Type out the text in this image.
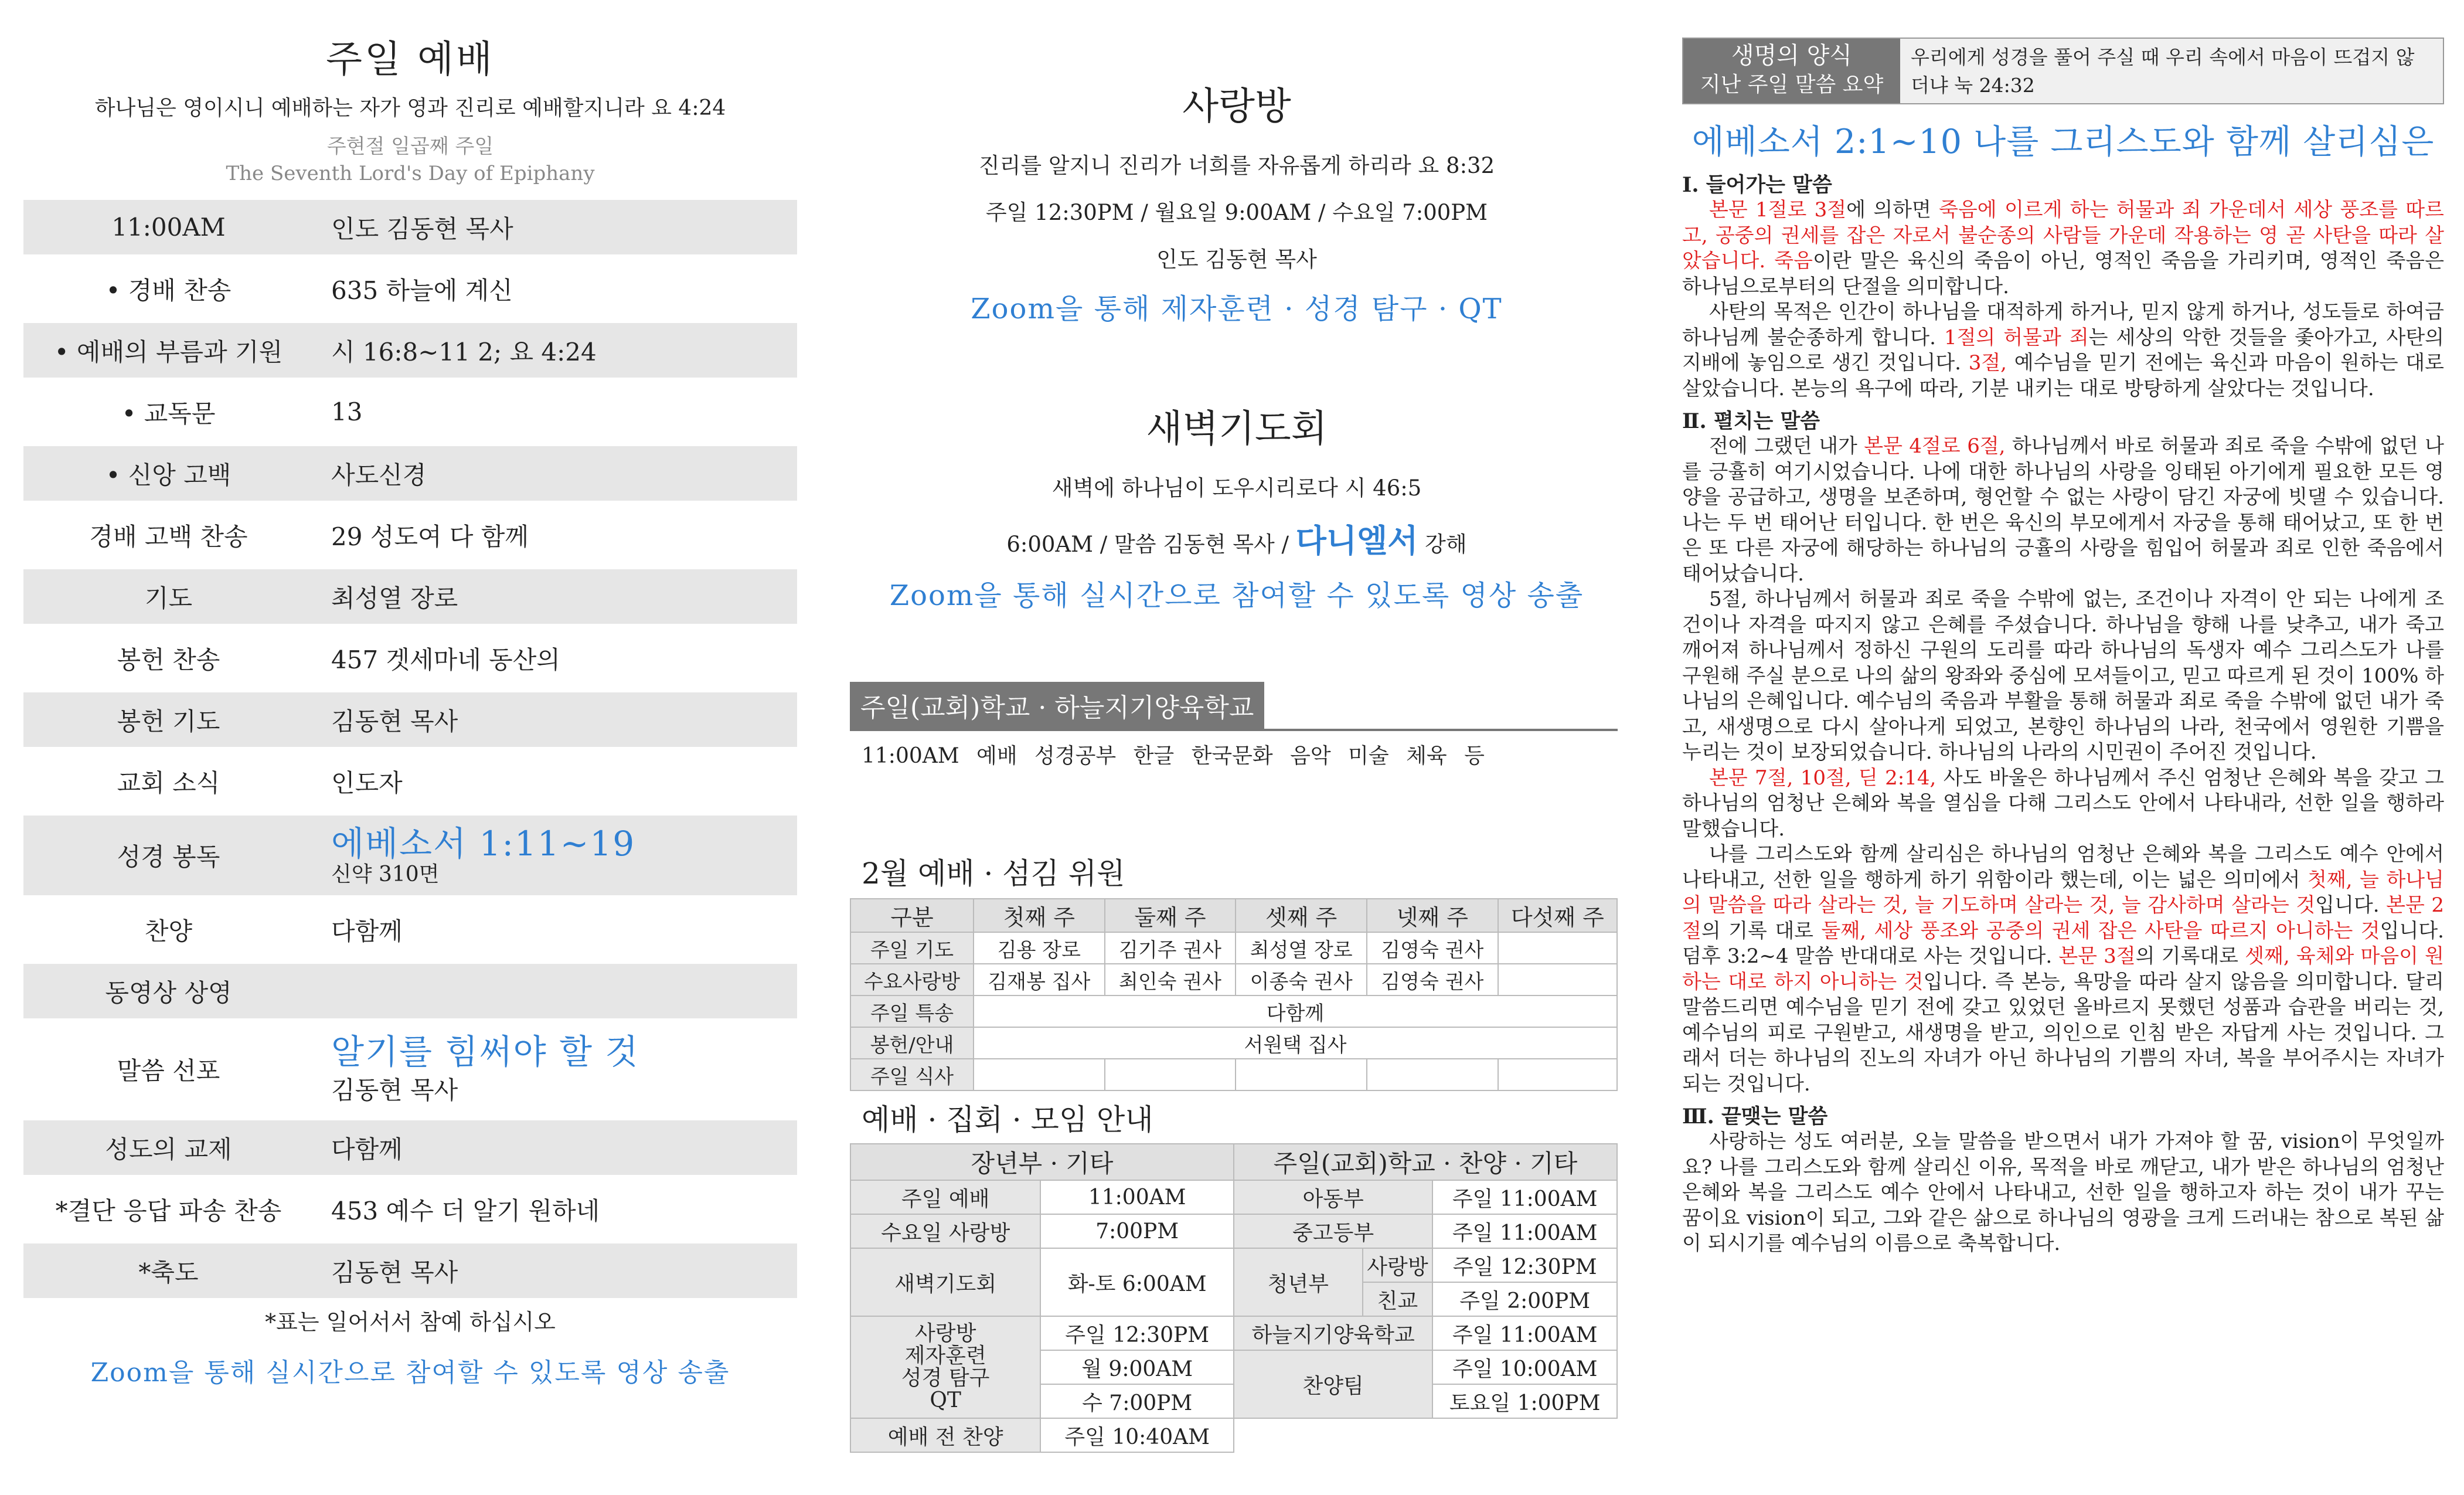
주일 예배
하나님은 영이시니 예배하는 자가 영과 진리로 예배할지니라 요 4:24
주현절 일곱째 주일
The Seventh Lord's Day of Epiphany
11:00AM	인도 김동현 목사
• 경배 찬송	635 하늘에 계신
• 예배의 부름과 기원	시 16:8~11 2; 요 4:24
• 교독문	13
• 신앙 고백	사도신경
경배 고백 찬송	29 성도여 다 함께
기도	최성열 장로
봉헌 찬송	457 겟세마네 동산의
봉헌 기도	김동현 목사
교회 소식	인도자
성경 봉독	에베소서 1:11~19
신약 310면
찬양	다함께
동영상 상영
말씀 선포	알기를 힘써야 할 것
김동현 목사
성도의 교제	다함께
*결단 응답 파송 찬송	453 예수 더 알기 원하네
*축도	김동현 목사
*표는 일어서서 참예 하십시오
Zoom을 통해 실시간으로 참여할 수 있도록 영상 송출
사랑방
진리를 알지니 진리가 너희를 자유롭게 하리라 요 8:32
주일 12:30PM / 월요일 9:00AM / 수요일 7:00PM
인도 김동현 목사
Zoom을 통해 제자훈련 · 성경 탐구 · QT
새벽기도회
새벽에 하나님이 도우시리로다 시 46:5
6:00AM / 말씀 김동현 목사 / 다니엘서 강해
Zoom을 통해 실시간으로 참여할 수 있도록 영상 송출
주일(교회)학교 · 하늘지기양육학교
11:00AM 예배 성경공부 한글 한국문화 음악 미술 체육 등
2월 예배 · 섬김 위원
구분	첫째 주	둘째 주	셋째 주	넷째 주	다섯째 주
주일 기도	김용 장로	김기주 권사	최성열 장로	김영숙 권사	
수요사랑방	김재봉 집사	최인숙 권사	이종숙 권사	김영숙 권사	
주일 특송	다함께				
봉헌/안내	서원택 집사				
주일 식사					
예배 · 집회 · 모임 안내
장년부 · 기타		주일(교회)학교 · 찬양 · 기타		
주일 예배	11:00AM	아동부		주일 11:00AM
수요일 사랑방	7:00PM	중고등부		주일 11:00AM
새벽기도회	화-토 6:00AM	청년부	사랑방	주일 12:30PM
			친교	주일 2:00PM

사랑방
제자훈련
성경 탐구
QT	주일 12:30PM	하늘지기양육학교		주일 11:00AM
	월 9:00AM	찬양팀		주일 10:00AM
	수 7:00PM			토요일 1:00PM
예배 전 찬양	주일 10:40AM			
생명의 양식
지난 주일 말씀 요약
우리에게 성경을 풀어 주실 때 우리 속에서 마음이 뜨겁지 않더냐 눅 24:32
에베소서 2:1~10 나를 그리스도와 함께 살리심은
Ⅰ. 들어가는 말씀

본문 1절로 3절에 의하면 죽음에 이르게 하는 허물과 죄 가운데서 세상 풍조를 따르고, 공중의 권세를 잡은 자로서 불순종의 사람들 가운데 작용하는 영 곧 사탄을 따라 살았습니다. 죽음이란 말은 육신의 죽음이 아닌, 영적인 죽음을 가리키며, 영적인 죽음은 하나님으로부터의 단절을 의미합니다.

사탄의 목적은 인간이 하나님을 대적하게 하거나, 믿지 않게 하거나, 성도들로 하여금 하나님께 불순종하게 합니다. 1절의 허물과 죄는 세상의 악한 것들을 좇아가고, 사탄의 지배에 놓임으로 생긴 것입니다. 3절, 예수님을 믿기 전에는 육신과 마음이 원하는 대로 살았습니다. 본능의 욕구에 따라, 기분 내키는 대로 방탕하게 살았다는 것입니다.

Ⅱ. 펼치는 말씀

전에 그랬던 내가 본문 4절로 6절, 하나님께서 바로 허물과 죄로 죽을 수밖에 없던 나를 긍휼히 여기시었습니다. 나에 대한 하나님의 사랑을 잉태된 아기에게 필요한 모든 영양을 공급하고, 생명을 보존하며, 형언할 수 없는 사랑이 담긴 자궁에 빗댈 수 있습니다. 나는 두 번 태어난 터입니다. 한 번은 육신의 부모에게서 자궁을 통해 태어났고, 또 한 번은 또 다른 자궁에 해당하는 하나님의 긍휼의 사랑을 힘입어 허물과 죄로 인한 죽음에서 태어났습니다.

5절, 하나님께서 허물과 죄로 죽을 수밖에 없는, 조건이나 자격이 안 되는 나에게 조건이나 자격을 따지지 않고 은혜를 주셨습니다. 하나님을 향해 나를 낮추고, 내가 죽고 깨어져 하나님께서 정하신 구원의 도리를 따라 하나님의 독생자 예수 그리스도가 나를 구원해 주실 분으로 나의 삶의 왕좌와 중심에 모셔들이고, 믿고 따르게 된 것이 100% 하나님의 은혜입니다. 예수님의 죽음과 부활을 통해 허물과 죄로 죽을 수밖에 없던 내가 죽고, 새생명으로 다시 살아나게 되었고, 본향인 하나님의 나라, 천국에서 영원한 기쁨을 누리는 것이 보장되었습니다. 하나님의 나라의 시민권이 주어진 것입니다.

본문 7절, 10절, 딛 2:14, 사도 바울은 하나님께서 주신 엄청난 은혜와 복을 갖고 그 하나님의 엄청난 은혜와 복을 열심을 다해 그리스도 안에서 나타내라, 선한 일을 행하라 말했습니다.

나를 그리스도와 함께 살리심은 하나님의 엄청난 은혜와 복을 그리스도 예수 안에서 나타내고, 선한 일을 행하게 하기 위함이라 했는데, 이는 넓은 의미에서 첫째, 늘 하나님의 말씀을 따라 살라는 것, 늘 기도하며 살라는 것, 늘 감사하며 살라는 것입니다. 본문 2절의 기록 대로 둘째, 세상 풍조와 공중의 권세 잡은 사탄을 따르지 아니하는 것입니다. 덤후 3:2~4 말씀 반대대로 사는 것입니다. 본문 3절의 기록대로 셋째, 육체와 마음이 원하는 대로 하지 아니하는 것입니다. 즉 본능, 욕망을 따라 살지 않음을 의미합니다. 달리 말씀드리면 예수님을 믿기 전에 갖고 있었던 올바르지 못했던 성품과 습관을 버리는 것, 예수님의 피로 구원받고, 새생명을 받고, 의인으로 인침 받은 자답게 사는 것입니다. 그래서 더는 하나님의 진노의 자녀가 아닌 하나님의 기쁨의 자녀, 복을 부어주시는 자녀가 되는 것입니다.

Ⅲ. 끝맺는 말씀

사랑하는 성도 여러분, 오늘 말씀을 받으면서 내가 가져야 할 꿈, vision이 무엇일까요? 나를 그리스도와 함께 살리신 이유, 목적을 바로 깨닫고, 내가 받은 하나님의 엄청난 은혜와 복을 그리스도 예수 안에서 나타내고, 선한 일을 행하고자 하는 것이 내가 꾸는 꿈이요 vision이 되고, 그와 같은 삶으로 하나님의 영광을 크게 드러내는 참으로 복된 삶이 되시기를 예수님의 이름으로 축복합니다.
